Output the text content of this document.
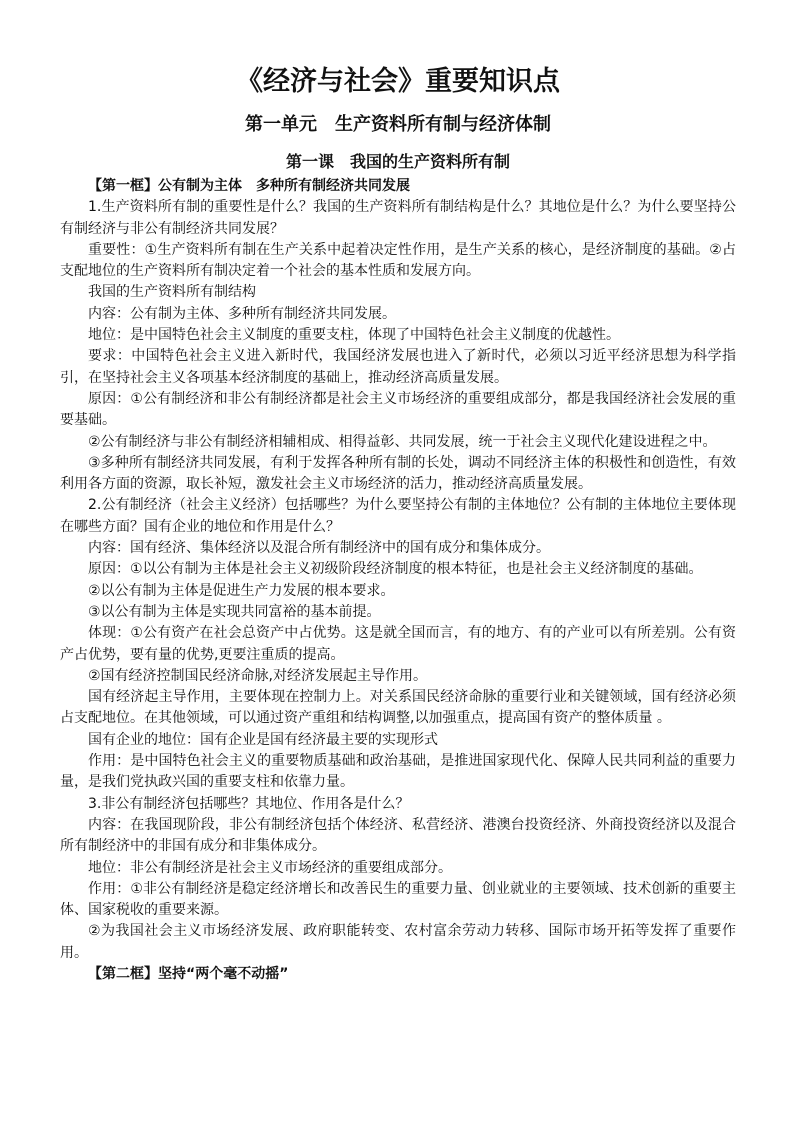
《经济与社会》重要知识点
第一单元　生产资料所有制与经济体制
第一课　我国的生产资料所有制

【第一框】公有制为主体　多种所有制经济共同发展

1.生产资料所有制的重要性是什么？我国的生产资料所有制结构是什么？其地位是什么？为什么要坚持公有制经济与非公有制经济共同发展？

重要性：①生产资料所有制在生产关系中起着决定性作用，是生产关系的核心，是经济制度的基础。②占支配地位的生产资料所有制决定着一个社会的基本性质和发展方向。

我国的生产资料所有制结构

内容：公有制为主体、多种所有制经济共同发展。

地位：是中国特色社会主义制度的重要支柱，体现了中国特色社会主义制度的优越性。

要求：中国特色社会主义进入新时代，我国经济发展也进入了新时代，必须以习近平经济思想为科学指引，在坚持社会主义各项基本经济制度的基础上，推动经济高质量发展。

原因：①公有制经济和非公有制经济都是社会主义市场经济的重要组成部分，都是我国经济社会发展的重要基础。

②公有制经济与非公有制经济相辅相成、相得益彰、共同发展，统一于社会主义现代化建设进程之中。

③多种所有制经济共同发展，有利于发挥各种所有制的长处，调动不同经济主体的积极性和创造性，有效利用各方面的资源，取长补短，激发社会主义市场经济的活力，推动经济高质量发展。

2.公有制经济（社会主义经济）包括哪些？为什么要坚持公有制的主体地位？公有制的主体地位主要体现在哪些方面？国有企业的地位和作用是什么？

内容：国有经济、集体经济以及混合所有制经济中的国有成分和集体成分。

原因：①以公有制为主体是社会主义初级阶段经济制度的根本特征，也是社会主义经济制度的基础。

②以公有制为主体是促进生产力发展的根本要求。

③以公有制为主体是实现共同富裕的基本前提。

体现：①公有资产在社会总资产中占优势。这是就全国而言，有的地方、有的产业可以有所差别。公有资产占优势，要有量的优势,更要注重质的提高。

②国有经济控制国民经济命脉,对经济发展起主导作用。

国有经济起主导作用，主要体现在控制力上。对关系国民经济命脉的重要行业和关键领域，国有经济必须占支配地位。在其他领域，可以通过资产重组和结构调整,以加强重点，提高国有资产的整体质量 。

国有企业的地位：国有企业是国有经济最主要的实现形式

作用：是中国特色社会主义的重要物质基础和政治基础，是推进国家现代化、保障人民共同利益的重要力量，是我们党执政兴国的重要支柱和依靠力量。

3.非公有制经济包括哪些？其地位、作用各是什么？

内容：在我国现阶段，非公有制经济包括个体经济、私营经济、港澳台投资经济、外商投资经济以及混合所有制经济中的非国有成分和非集体成分。

地位：非公有制经济是社会主义市场经济的重要组成部分。

作用：①非公有制经济是稳定经济增长和改善民生的重要力量、创业就业的主要领域、技术创新的重要主体、国家税收的重要来源。

②为我国社会主义市场经济发展、政府职能转变、农村富余劳动力转移、国际市场开拓等发挥了重要作用。

【第二框】坚持“两个毫不动摇”
